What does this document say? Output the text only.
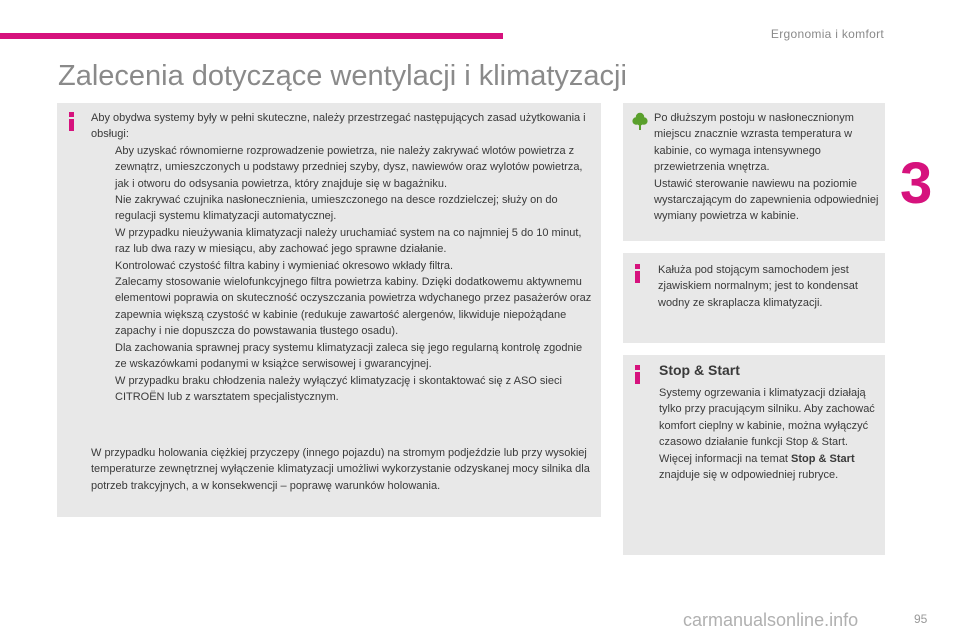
Ergonomia i komfort
3
Zalecenia dotyczące wentylacji i klimatyzacji

Aby obydwa systemy były w pełni skuteczne, należy przestrzegać następujących zasad użytkowania i obsługi:

Aby uzyskać równomierne rozprowadzenie powietrza, nie należy zakrywać wlotów powietrza z zewnątrz, umieszczonych u podstawy przedniej szyby, dysz, nawiewów oraz wylotów powietrza, jak i otworu do odsysania powietrza, który znajduje się w bagażniku.
Nie zakrywać czujnika nasłonecznienia, umieszczonego na desce rozdzielczej; służy on do regulacji systemu klimatyzacji automatycznej.
W przypadku nieużywania klimatyzacji należy uruchamiać system na co najmniej 5 do 10 minut, raz lub dwa razy w miesiącu, aby zachować jego sprawne działanie.
Kontrolować czystość filtra kabiny i wymieniać okresowo wkłady filtra.
Zalecamy stosowanie wielofunkcyjnego filtra powietrza kabiny. Dzięki dodatkowemu aktywnemu elementowi poprawia on skuteczność oczyszczania powietrza wdychanego przez pasażerów oraz zapewnia większą czystość w kabinie (redukuje zawartość alergenów, likwiduje niepożądane zapachy i nie dopuszcza do powstawania tłustego osadu).
Dla zachowania sprawnej pracy systemu klimatyzacji zaleca się jego regularną kontrolę zgodnie ze wskazówkami podanymi w książce serwisowej i gwarancyjnej.
W przypadku braku chłodzenia należy wyłączyć klimatyzację i skontaktować się z ASO sieci CITROËN lub z warsztatem specjalistycznym.
W przypadku holowania ciężkiej przyczepy (innego pojazdu) na stromym podjeździe lub przy wysokiej temperaturze zewnętrznej wyłączenie klimatyzacji umożliwi wykorzystanie odzyskanej mocy silnika dla potrzeb trakcyjnych, a w konsekwencji – poprawę warunków holowania.

Po dłuższym postoju w nasłonecznionym miejscu znacznie wzrasta temperatura w kabinie, co wymaga intensywnego przewietrzenia wnętrza.

Ustawić sterowanie nawiewu na poziomie wystarczającym do zapewnienia odpowiedniej wymiany powietrza w kabinie.

Kałuża pod stojącym samochodem jest zjawiskiem normalnym; jest to kondensat wodny ze skraplacza klimatyzacji.
Stop & Start

Systemy ogrzewania i klimatyzacji działają tylko przy pracującym silniku. Aby zachować komfort cieplny w kabinie, można wyłączyć czasowo działanie funkcji Stop & Start.

Więcej informacji na temat Stop & Start znajduje się w odpowiedniej rubryce.

95
carmanualsonline.info
